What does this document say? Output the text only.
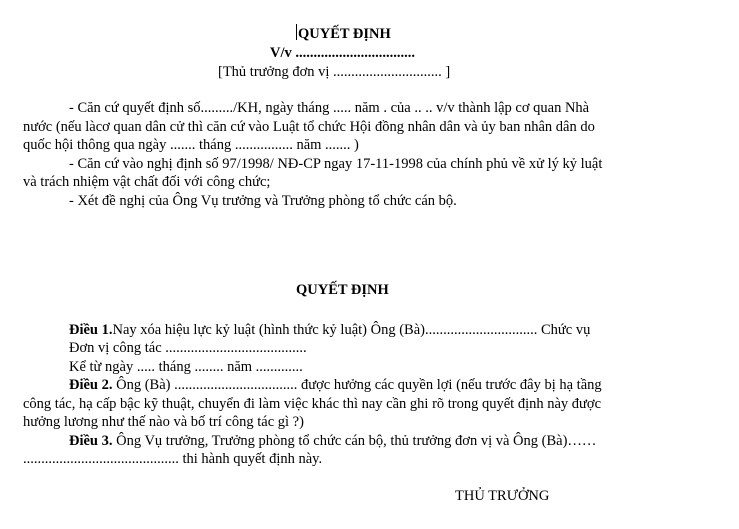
QUYẾT ĐỊNH
V/v .................................
[Thủ trưởng đơn vị .............................. ]
- Căn cứ quyết định số........./KH, ngày tháng ..... năm . của .. .. v/v thành lập cơ quan Nhà
nước (nếu làcơ quan dân cử thì căn cứ vào Luật tổ chức Hội đồng nhân dân và ủy ban nhân dân do
quốc hội thông qua ngày ....... tháng ................ năm ....... )
- Căn cứ vào nghị định số 97/1998/ NĐ-CP ngay 17-11-1998 của chính phủ về xử lý kỷ luật
và trách nhiệm vật chất đối với công chức;
- Xét đề nghị của Ông Vụ trưởng và Trưởng phòng tổ chức cán bộ.
QUYẾT ĐỊNH
Điều 1.Nay xóa hiệu lực kỷ luật (hình thức kỷ luật) Ông (Bà)............................... Chức vụ
Đơn vị công tác .......................................
Kể từ ngày ..... tháng ........ năm .............
Điều 2. Ông (Bà) .................................. được hưởng các quyền lợi (nếu trước đây bị hạ tầng
công tác, hạ cấp bậc kỹ thuật, chuyển đi làm việc khác thì nay cần ghi rõ trong quyết định này được
hưởng lương như thế nào và bố trí công tác gì ?)
Điều 3. Ông Vụ trưởng, Trưởng phòng tổ chức cán bộ, thủ trưởng đơn vị và Ông (Bà)……
........................................... thi hành quyết định này.
THỦ TRƯỞNG
